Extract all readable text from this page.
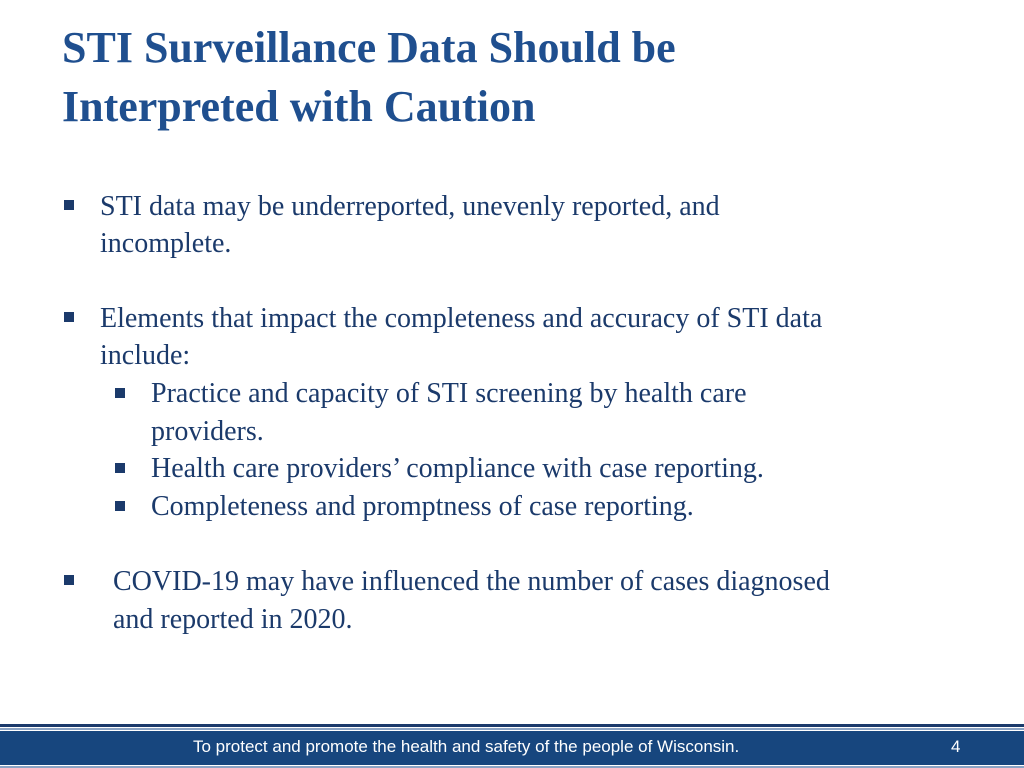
STI Surveillance Data Should be
Interpreted with Caution
STI data may be underreported, unevenly reported, and
incomplete.
Elements that impact the completeness and accuracy of STI data
include:
Practice and capacity of STI screening by health care
providers.
Health care providers’ compliance with case reporting.
Completeness and promptness of case reporting.
COVID-19 may have influenced the number of cases diagnosed
and reported in 2020.
To protect and promote the health and safety of the people of Wisconsin.	4
